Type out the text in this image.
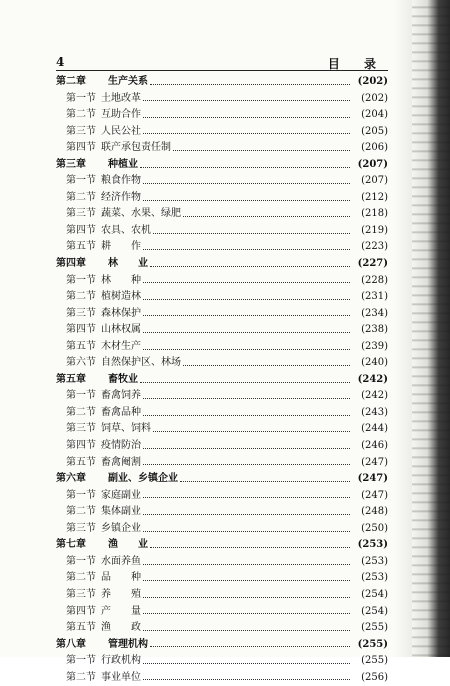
4	目 录
第二章 生产关系	(202)
第一节 土地改革	(202)
第二节 互助合作	(204)
第三节 人民公社	(205)
第四节 联产承包责任制	(206)
第三章 种植业	(207)
第一节 粮食作物	(207)
第二节 经济作物	(212)
第三节 蔬菜、水果、绿肥	(218)
第四节 农具、农机	(219)
第五节 耕　　作	(223)
第四章 林　　业	(227)
第一节 林　　种	(228)
第二节 植树造林	(231)
第三节 森林保护	(234)
第四节 山林权属	(238)
第五节 木材生产	(239)
第六节 自然保护区、林场	(240)
第五章 畜牧业	(242)
第一节 畜禽饲养	(242)
第二节 畜禽品种	(243)
第三节 饲草、饲料	(244)
第四节 疫情防治	(246)
第五节 畜禽阉割	(247)
第六章 副业、乡镇企业	(247)
第一节 家庭副业	(247)
第二节 集体副业	(248)
第三节 乡镇企业	(250)
第七章 渔　　业	(253)
第一节 水面养鱼	(253)
第二节 品　　种	(253)
第三节 养　　殖	(254)
第四节 产　　量	(254)
第五节 渔　　政	(255)
第八章 管理机构	(255)
第一节 行政机构	(255)
第二节 事业单位	(256)
